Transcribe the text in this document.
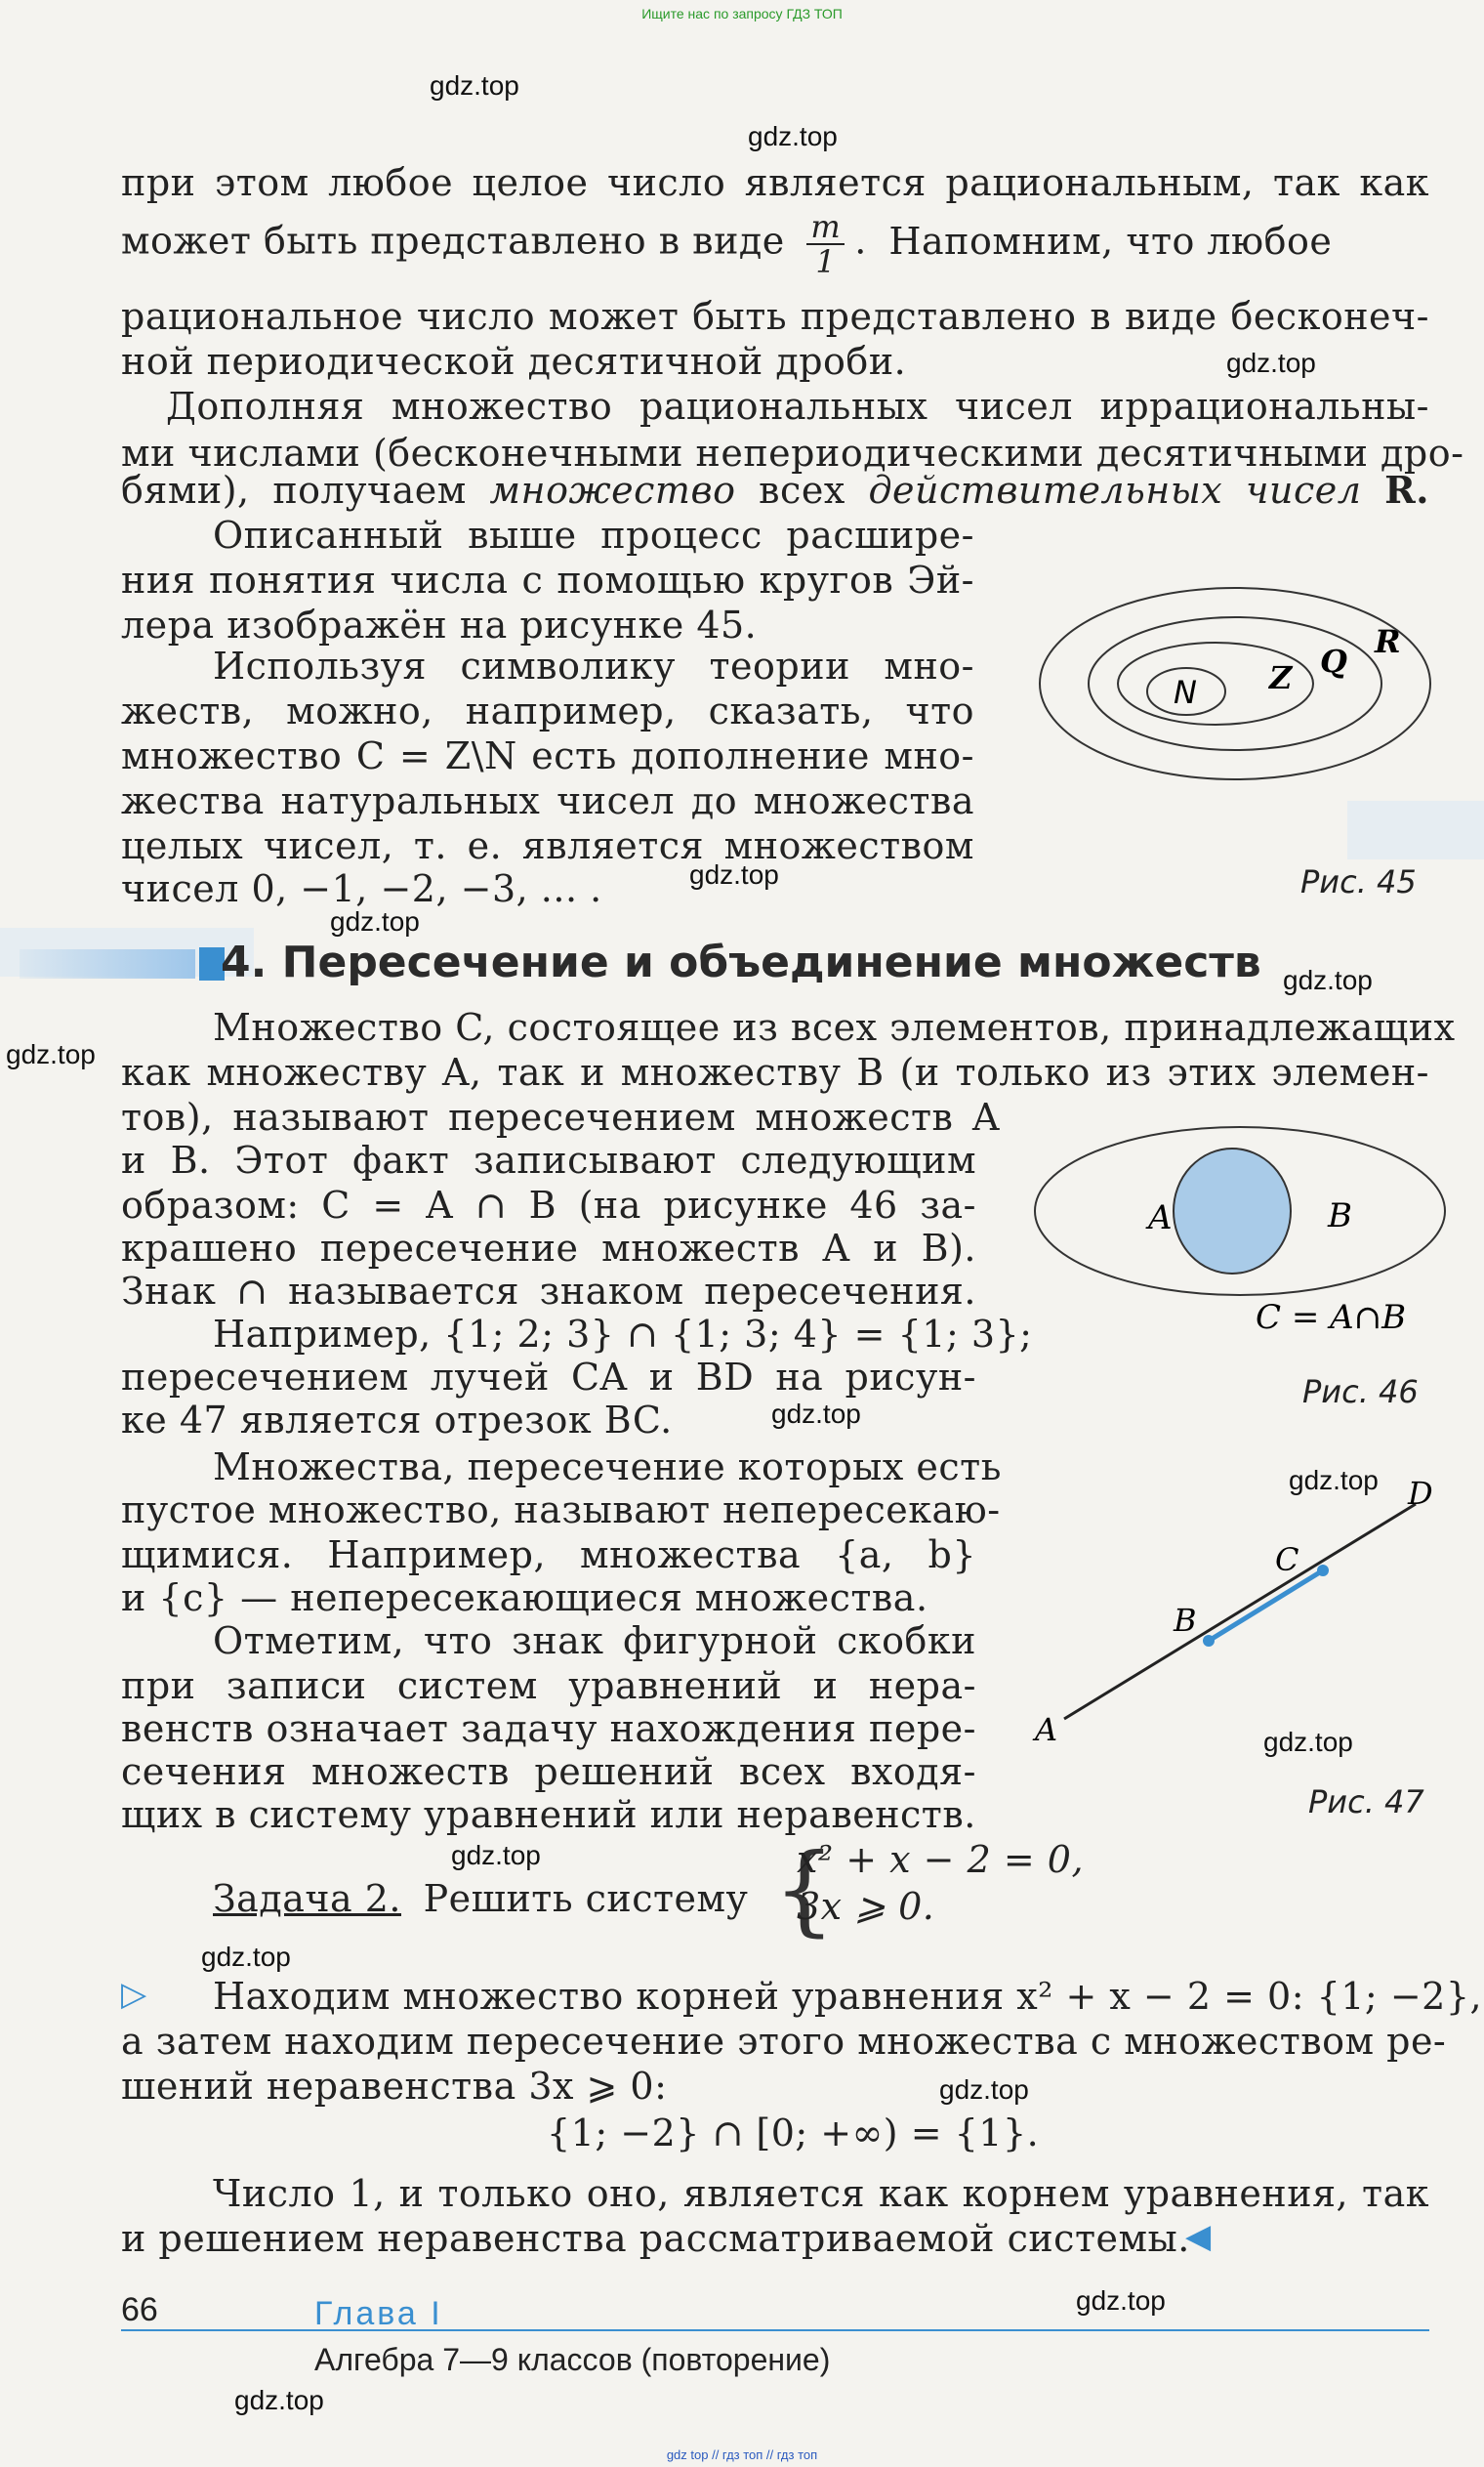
Ищите нас по запросу ГДЗ ТОП
gdz top // гдз топ // гдз топ
при этом любое целое число является рациональным, так как
может быть представлено в виде $\frac{m}{1}$ . Напомним, что любое
рациональное число может быть представлено в виде бесконеч-
ной периодической десятичной дроби.
Дополняя множество рациональных чисел иррациональны-
ми числами (бесконечными непериодическими десятичными дро-
бями), получаем множество всех действительных чисел R.
Описанный выше процесс расшире-
ния понятия числа с помощью кругов Эй-
лера изображён на рисунке 45.
Используя символику теории мно-
жеств, можно, например, сказать, что
множество C = Z\N есть дополнение мно-
жества натуральных чисел до множества
целых чисел, т. е. является множеством
чисел 0, −1, −2, −3, ... .
N Z Q
R
Рис. 45
4. Пересечение и объединение множеств
Множество C, состоящее из всех элементов, принадлежащих
как множеству A, так и множеству B (и только из этих элемен-
тов), называют пересечением множеств A
и B. Этот факт записывают следующим
образом: C = A ∩ B (на рисунке 46 за-
крашено пересечение множеств A и B).
Знак ∩ называется знаком пересечения.
Например, {1; 2; 3} ∩ {1; 3; 4} = {1; 3};
пересечением лучей CA и BD на рисун-
ке 47 является отрезок BC.
Множества, пересечение которых есть
пустое множество, называют непересекаю-
щимися. Например, множества {a, b}
и {c} — непересекающиеся множества.
Отметим, что знак фигурной скобки
при записи систем уравнений и нера-
венств означает задачу нахождения пере-
сечения множеств решений всех входя-
щих в систему уравнений или неравенств.
A	B
C = A∩B
Рис. 46
A
B
C
D
Рис. 47
Задача 2. Решить систему {
x² + x − 2 = 0,
3x ⩾ 0.
▷ Находим множество корней уравнения x² + x − 2 = 0: {1; −2},
а затем находим пересечение этого множества с множеством ре-
шений неравенства 3x ⩾ 0:
{1; −2} ∩ [0; +∞) = {1}.
Число 1, и только оно, является как корнем уравнения, так
и решением неравенства рассматриваемой системы.
◀
66	Глава I
Алгебра 7—9 классов (повторение)
gdz.top
gdz.top
gdz.top
gdz.top
gdz.top
gdz.top
gdz.top
gdz.top
gdz.top
gdz.top
gdz.top
gdz.top
gdz.top
gdz.top
gdz.top
